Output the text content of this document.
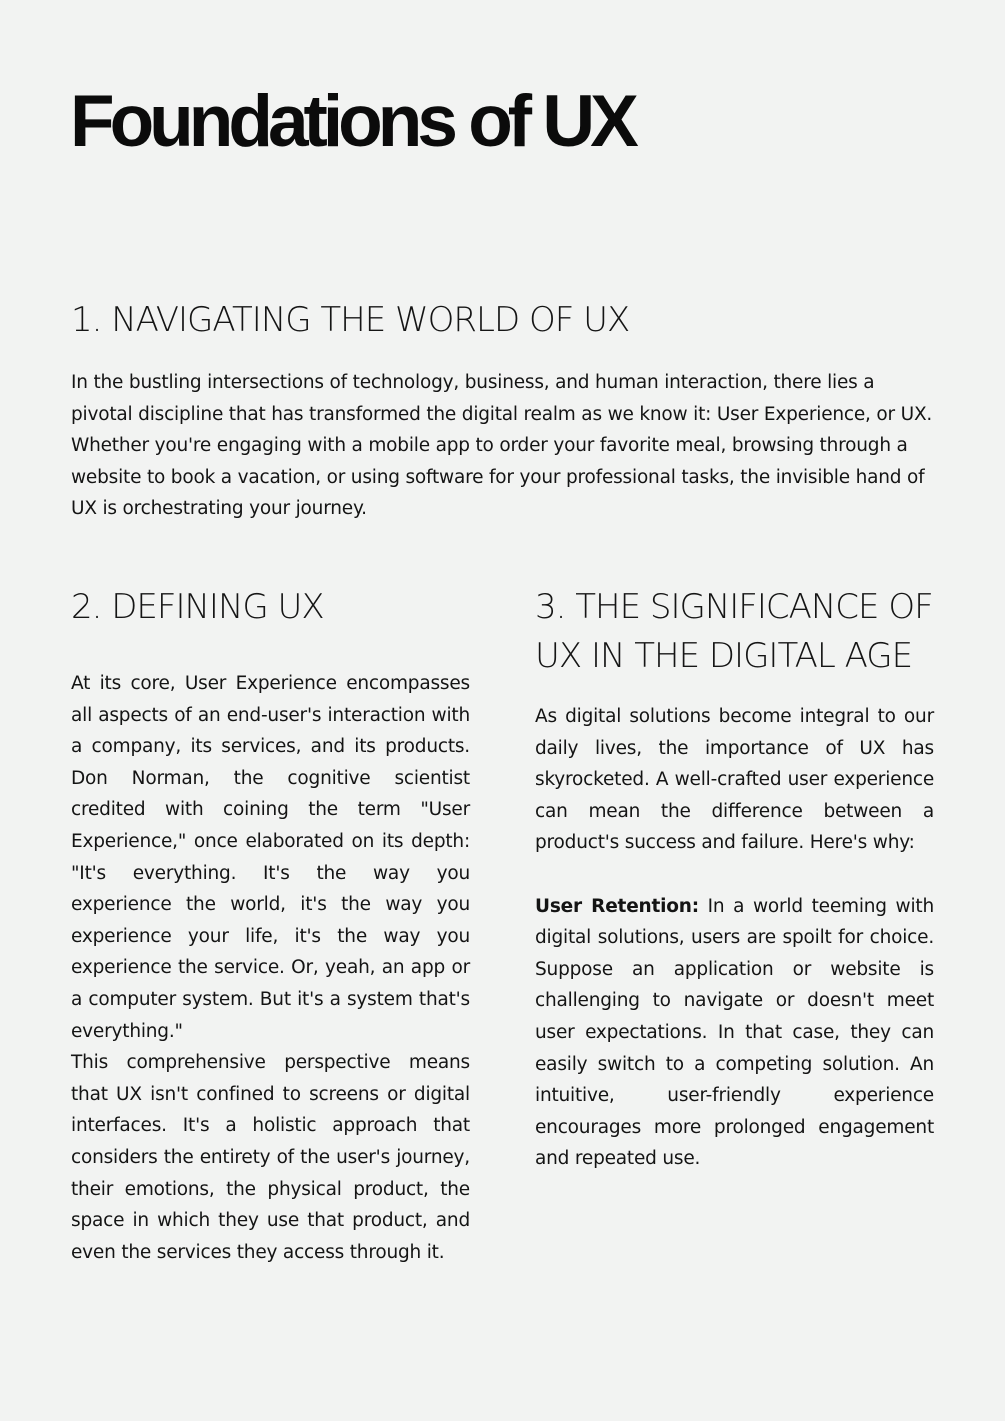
Foundations of UX
1. NAVIGATING THE WORLD OF UX

In the bustling intersections of technology, business, and human interaction, there lies a pivotal discipline that has transformed the digital realm as we know it: User Experience, or UX. Whether you're engaging with a mobile app to order your favorite meal, browsing through a website to book a vacation, or using software for your professional tasks, the invisible hand of UX is orchestrating your journey.

2. DEFINING UX

At its core, User Experience encompasses all aspects of an end-user's interaction with a company, its services, and its products. Don Norman, the cognitive scientist credited with coining the term "User Experience," once elaborated on its depth: "It's everything. It's the way you experience the world, it's the way you experience your life, it's the way you experience the service. Or, yeah, an app or a computer system. But it's a system that's everything."

This comprehensive perspective means that UX isn't confined to screens or digital interfaces. It's a holistic approach that considers the entirety of the user's journey, their emotions, the physical product, the space in which they use that product, and even the services they access through it.

3. THE SIGNIFICANCE OF UX IN THE DIGITAL AGE

As digital solutions become integral to our daily lives, the importance of UX has skyrocketed. A well-crafted user experience can mean the difference between a product's success and failure. Here's why:

User Retention: In a world teeming with digital solutions, users are spoilt for choice. Suppose an application or website is challenging to navigate or doesn't meet user expectations. In that case, they can easily switch to a competing solution. An intuitive, user-friendly experience encourages more prolonged engagement and repeated use.
